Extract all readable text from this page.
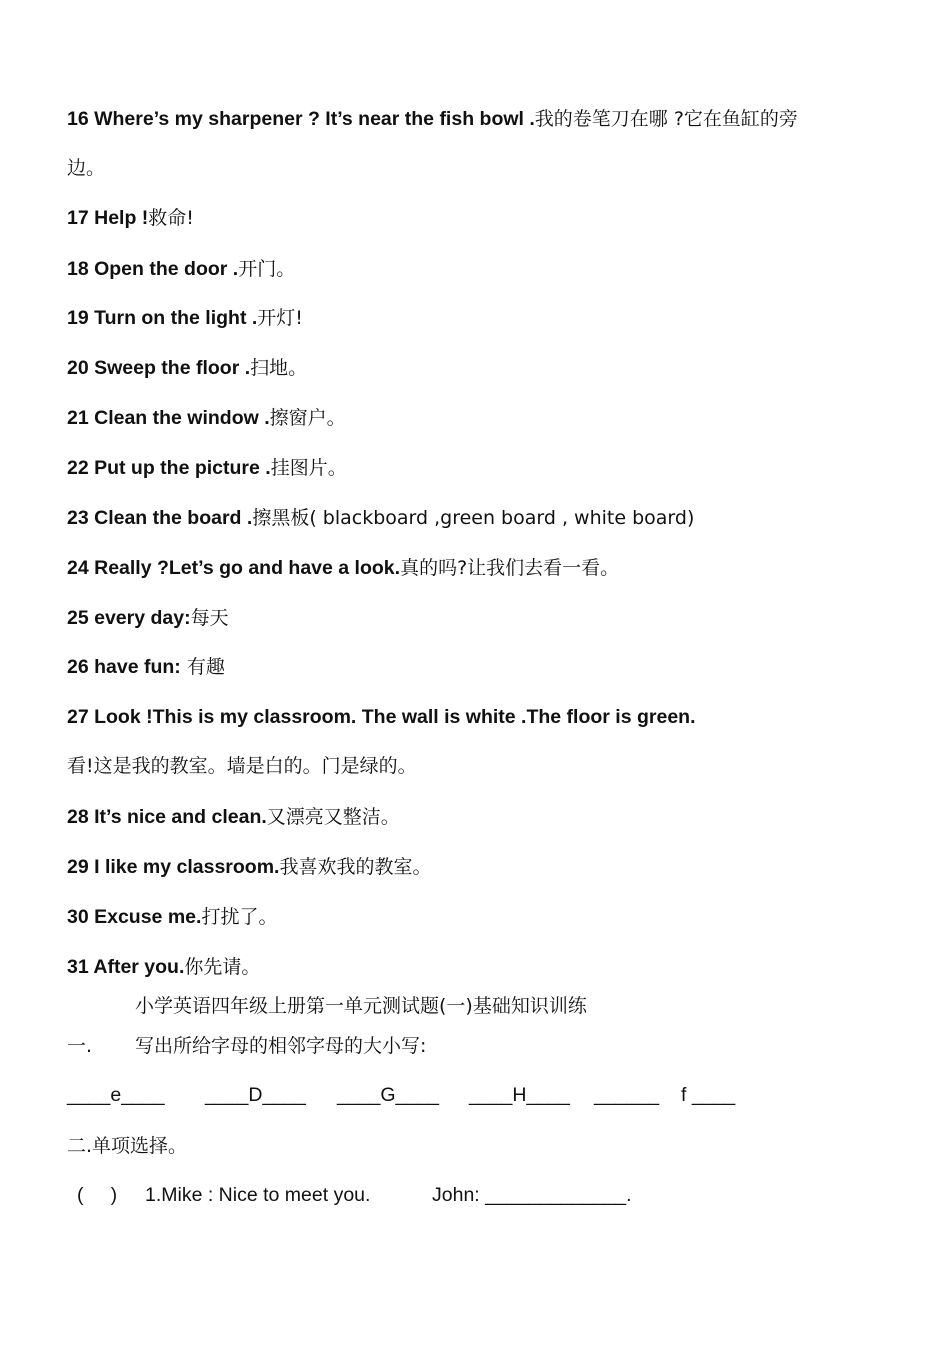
16 Where’s my sharpener ? It’s near the fish bowl .我的卷笔刀在哪 ?它在鱼缸的旁
边。
17 Help !救命!
18 Open the door .开门。
19 Turn on the light .开灯!
20 Sweep the floor .扫地。
21 Clean the window .擦窗户。
22 Put up the picture .挂图片。
23 Clean the board .擦黑板( blackboard ,green board , white board)
24 Really ?Let’s go and have a look.真的吗?让我们去看一看。
25 every day:每天
26 have fun: 有趣
27 Look !This is my classroom. The wall is white .The floor is green.
看!这是我的教室。墙是白的。门是绿的。
28 It’s nice and clean.又漂亮又整洁。
29 I like my classroom.我喜欢我的教室。
30 Excuse me.打扰了。
31 After you.你先请。
小学英语四年级上册第一单元测试题(一)基础知识训练
一. 写出所给字母的相邻字母的大小写:
____e____ ____D____ ____G____ ____H____ ______ f ____
二.单项选择。
(     ) 1.Mike : Nice to meet you.	John: _____________.
